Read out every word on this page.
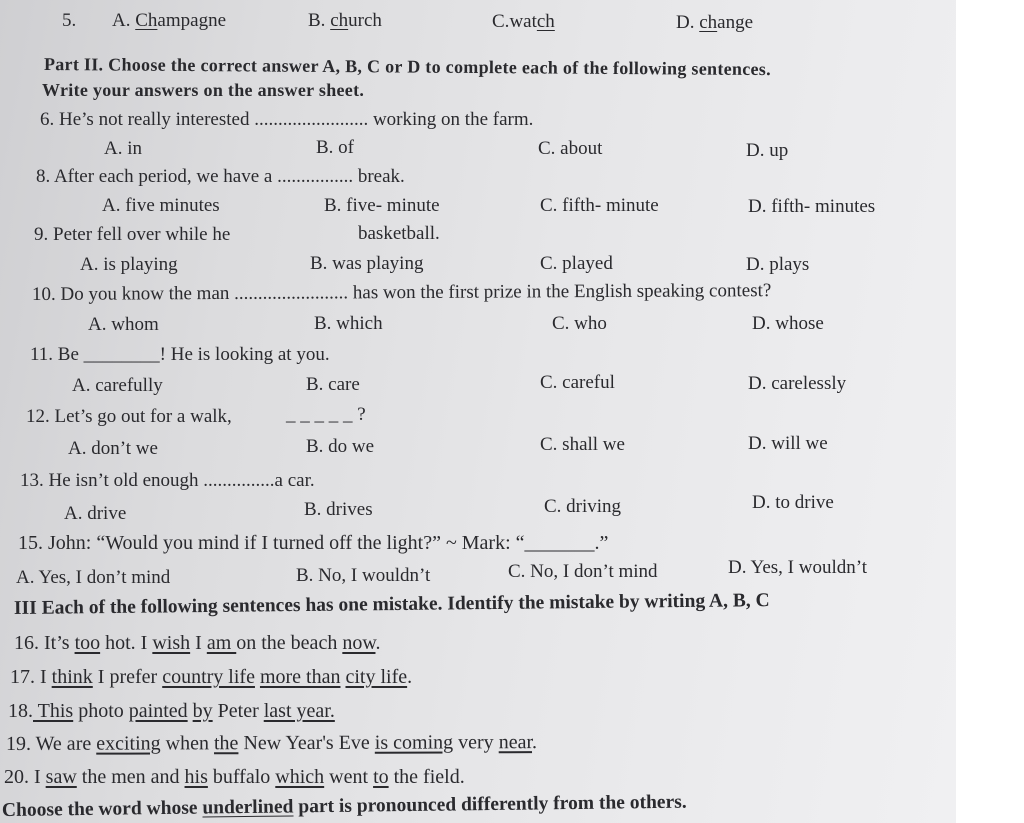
5. A. Champagne	B. church	C.watch	D. change
Part II. Choose the correct answer A, B, C or D to complete each of the following sentences.
Write your answers on the answer sheet.
6. He’s not really interested ........................ working on the farm.
A. in	B. of	C. about	D. up
8. After each period, we have a ................ break.
A. five minutes	B. five- minute	C. fifth- minute	D. fifth- minutes
9. Peter fell over while he	basketball.
A. is playing	B. was playing	C. played	D. plays
10. Do you know the man ........................ has won the first prize in the English speaking contest?
A. whom	B. which	C. who	D. whose
11. Be ________! He is looking at you.
A. carefully	B. care	C. careful	D. carelessly
12. Let’s go out for a walk,	_ _ _ _ _ ?
A. don’t we	B. do we	C. shall we	D. will we
13. He isn’t old enough ...............a car.
A. drive	B. drives	C. driving	D. to drive
15. John: “Would you mind if I turned off the light?” ~ Mark: “_______.”
A. Yes, I don’t mind	B. No, I wouldn’t	C. No, I don’t mind	D. Yes, I wouldn’t
III Each of the following sentences has one mistake. Identify the mistake by writing A, B, C
16. It’s too hot. I wish I am on the beach now.
17. I think I prefer country life more than city life.
18. This photo painted by Peter last year.
19. We are exciting when the New Year's Eve is coming very near.
20. I saw the men and his buffalo which went to the field.
Choose the word whose underlined part is pronounced differently from the others.
